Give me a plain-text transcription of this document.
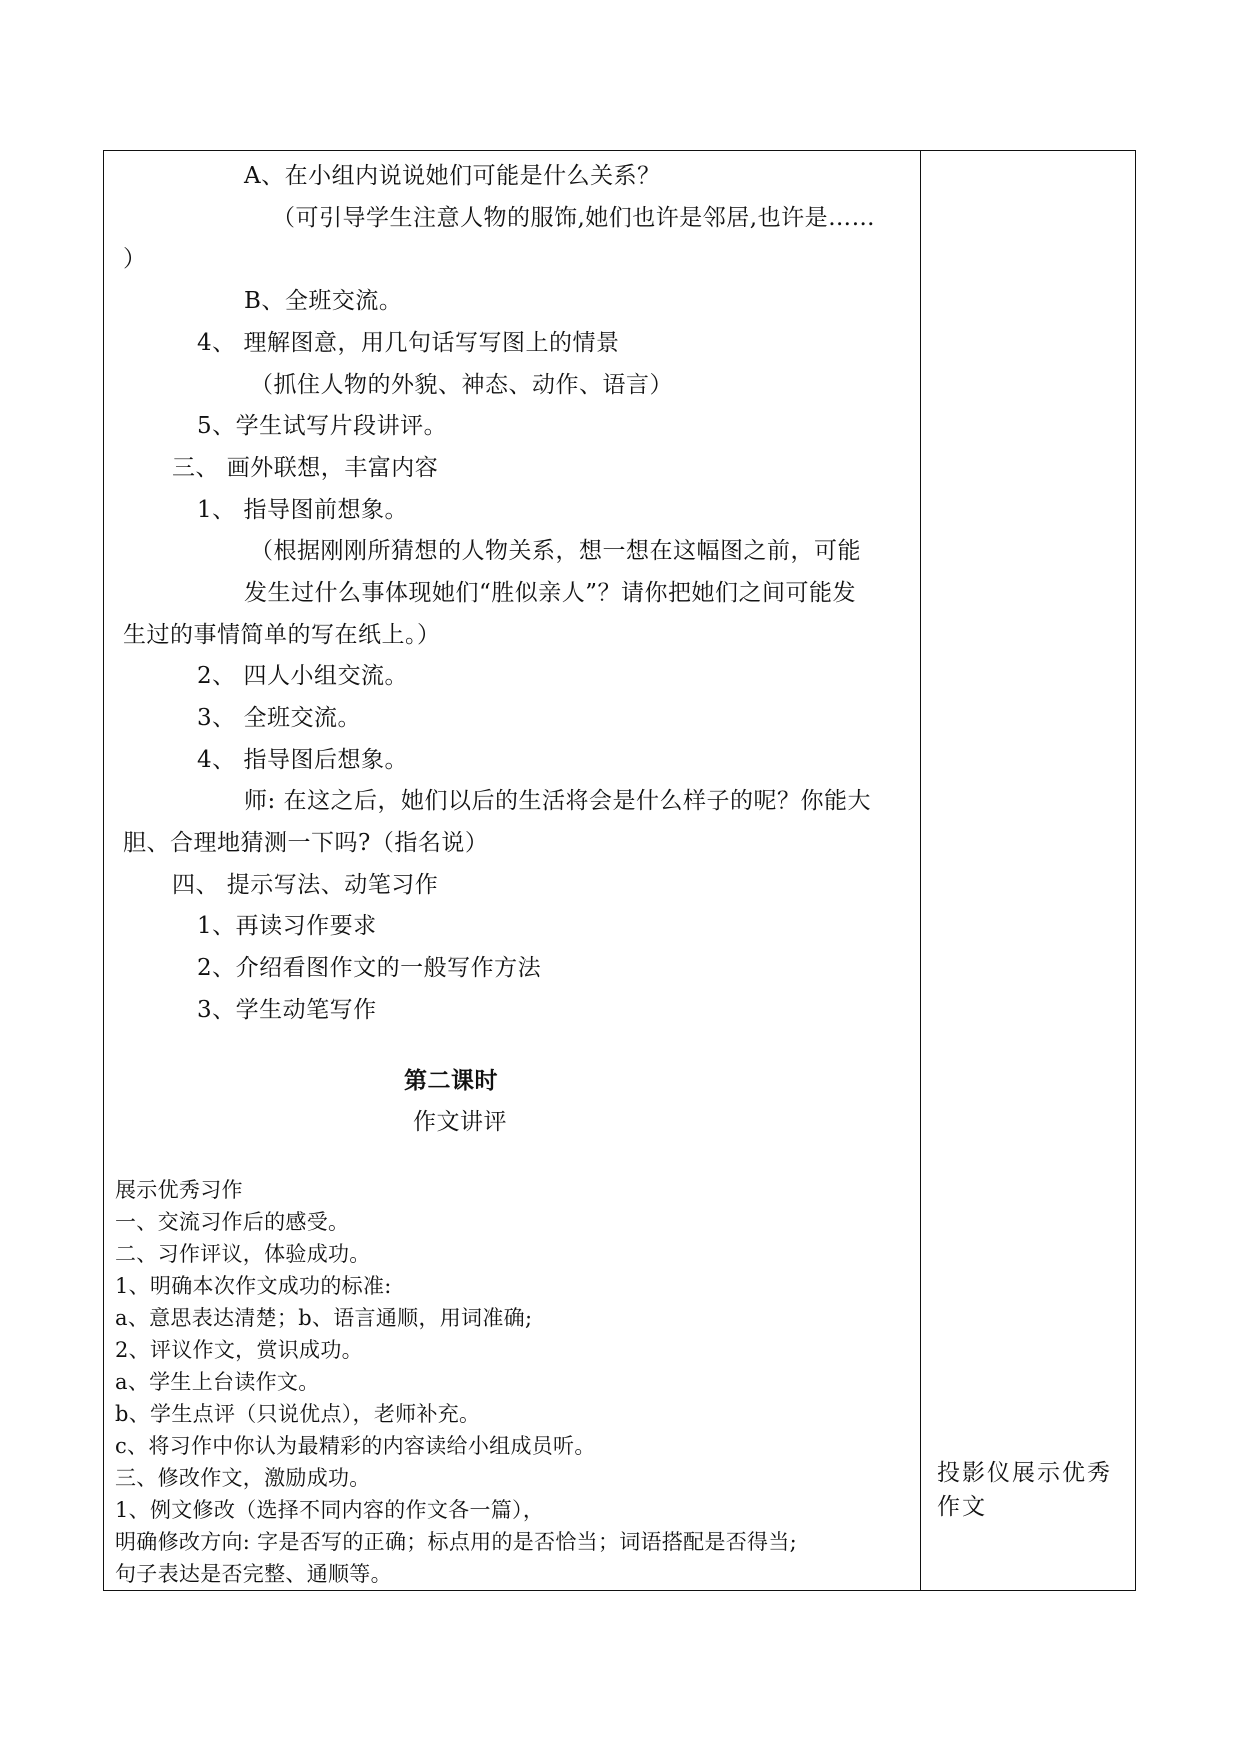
A、在小组内说说她们可能是什么关系？
（可引导学生注意人物的服饰,她们也许是邻居,也许是……
）
B、全班交流。
4、 理解图意，用几句话写写图上的情景
（抓住人物的外貌、神态、动作、语言）
5、学生试写片段讲评。
三、 画外联想，丰富内容
1、 指导图前想象。
（根据刚刚所猜想的人物关系，想一想在这幅图之前，可能
发生过什么事体现她们“胜似亲人”？请你把她们之间可能发
生过的事情简单的写在纸上。）
2、 四人小组交流。
3、 全班交流。
4、 指导图后想象。
师: 在这之后，她们以后的生活将会是什么样子的呢？你能大
胆、合理地猜测一下吗?（指名说）
四、 提示写法、动笔习作
1、再读习作要求
2、介绍看图作文的一般写作方法
3、学生动笔写作
第二课时
作文讲评
展示优秀习作
一、交流习作后的感受。
二、习作评议，体验成功。
1、明确本次作文成功的标准:
a、意思表达清楚；b、语言通顺，用词准确;
2、评议作文，赏识成功。
a、学生上台读作文。
b、学生点评（只说优点），老师补充。
c、将习作中你认为最精彩的内容读给小组成员听。
三、修改作文，激励成功。
1、例文修改（选择不同内容的作文各一篇），
明确修改方向: 字是否写的正确；标点用的是否恰当；词语搭配是否得当;
句子表达是否完整、通顺等。
投影仪展示优秀
作文
